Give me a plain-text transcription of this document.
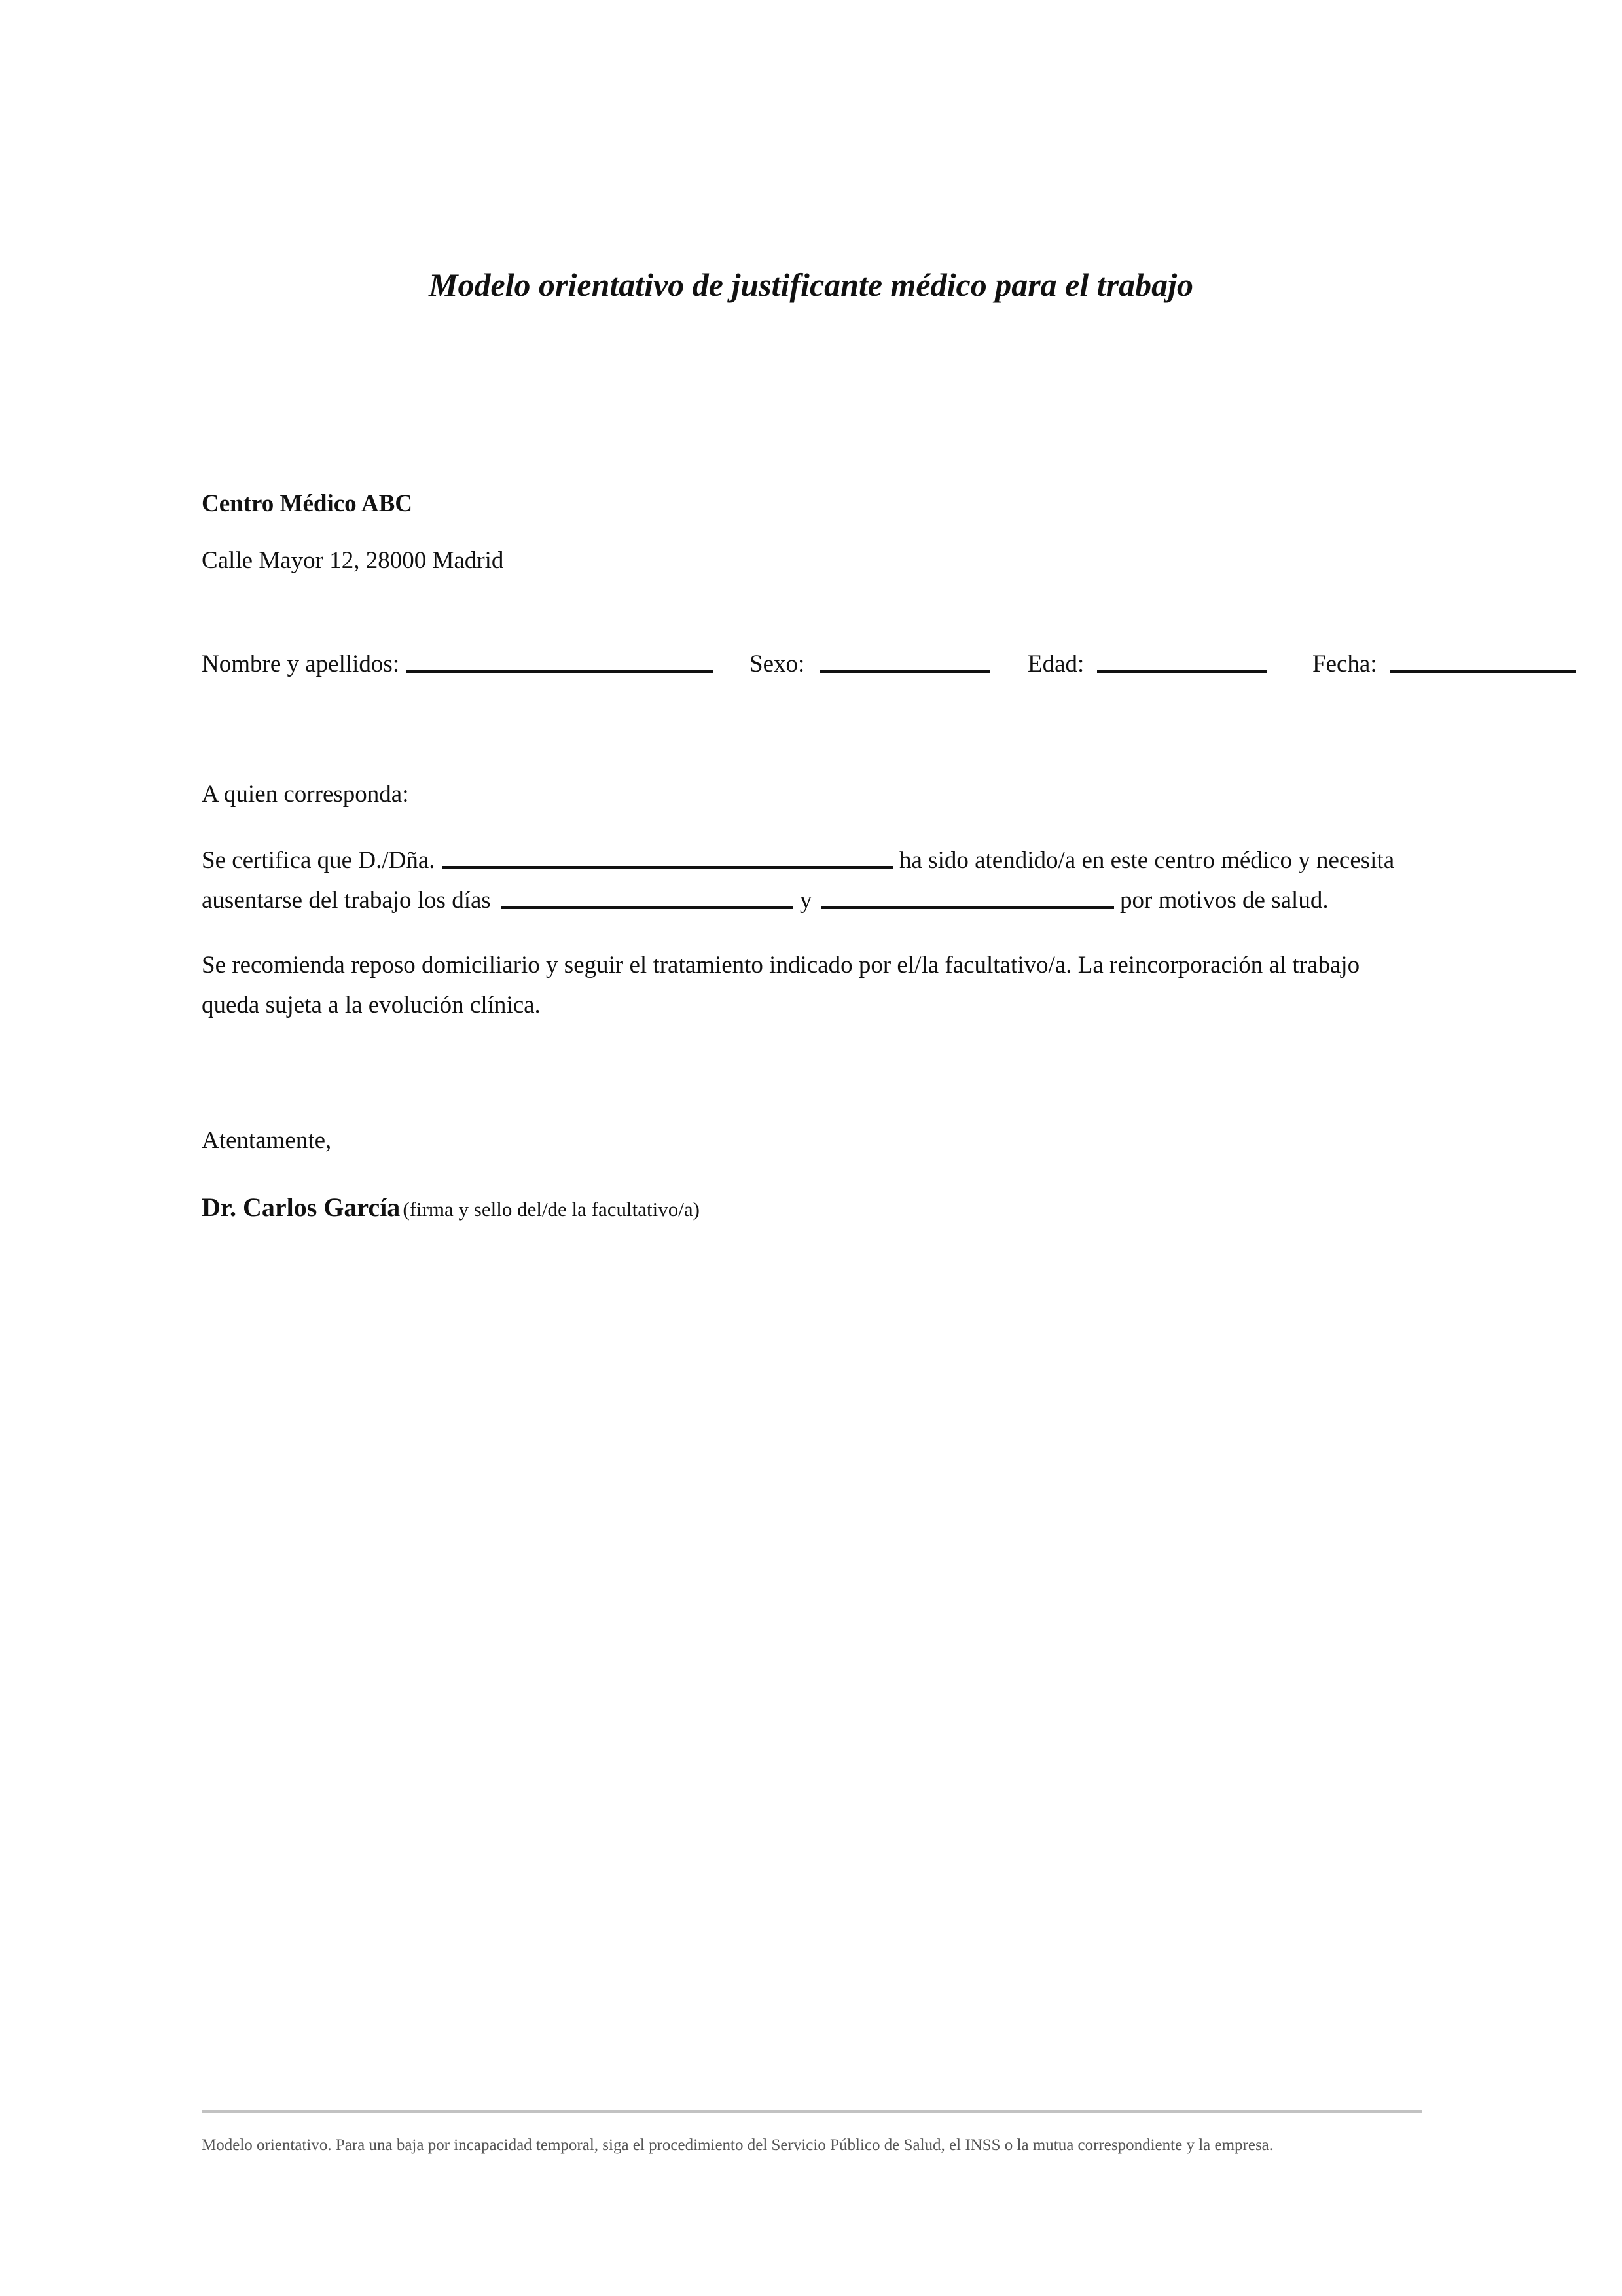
Modelo orientativo de justificante médico para el trabajo
Centro Médico ABC
Calle Mayor 12, 28000 Madrid
Nombre y apellidos:	Sexo:	Edad:	Fecha:
A quien corresponda:
Se certifica que D./Dña.	ha sido atendido/a en este centro médico y necesita
ausentarse del trabajo los días	y	por motivos de salud.
Se recomienda reposo domiciliario y seguir el tratamiento indicado por el/la facultativo/a. La reincorporación al trabajo
queda sujeta a la evolución clínica.
Atentamente,
Dr. Carlos García (firma y sello del/de la facultativo/a)
Modelo orientativo. Para una baja por incapacidad temporal, siga el procedimiento del Servicio Público de Salud, el INSS o la mutua correspondiente y la empresa.
